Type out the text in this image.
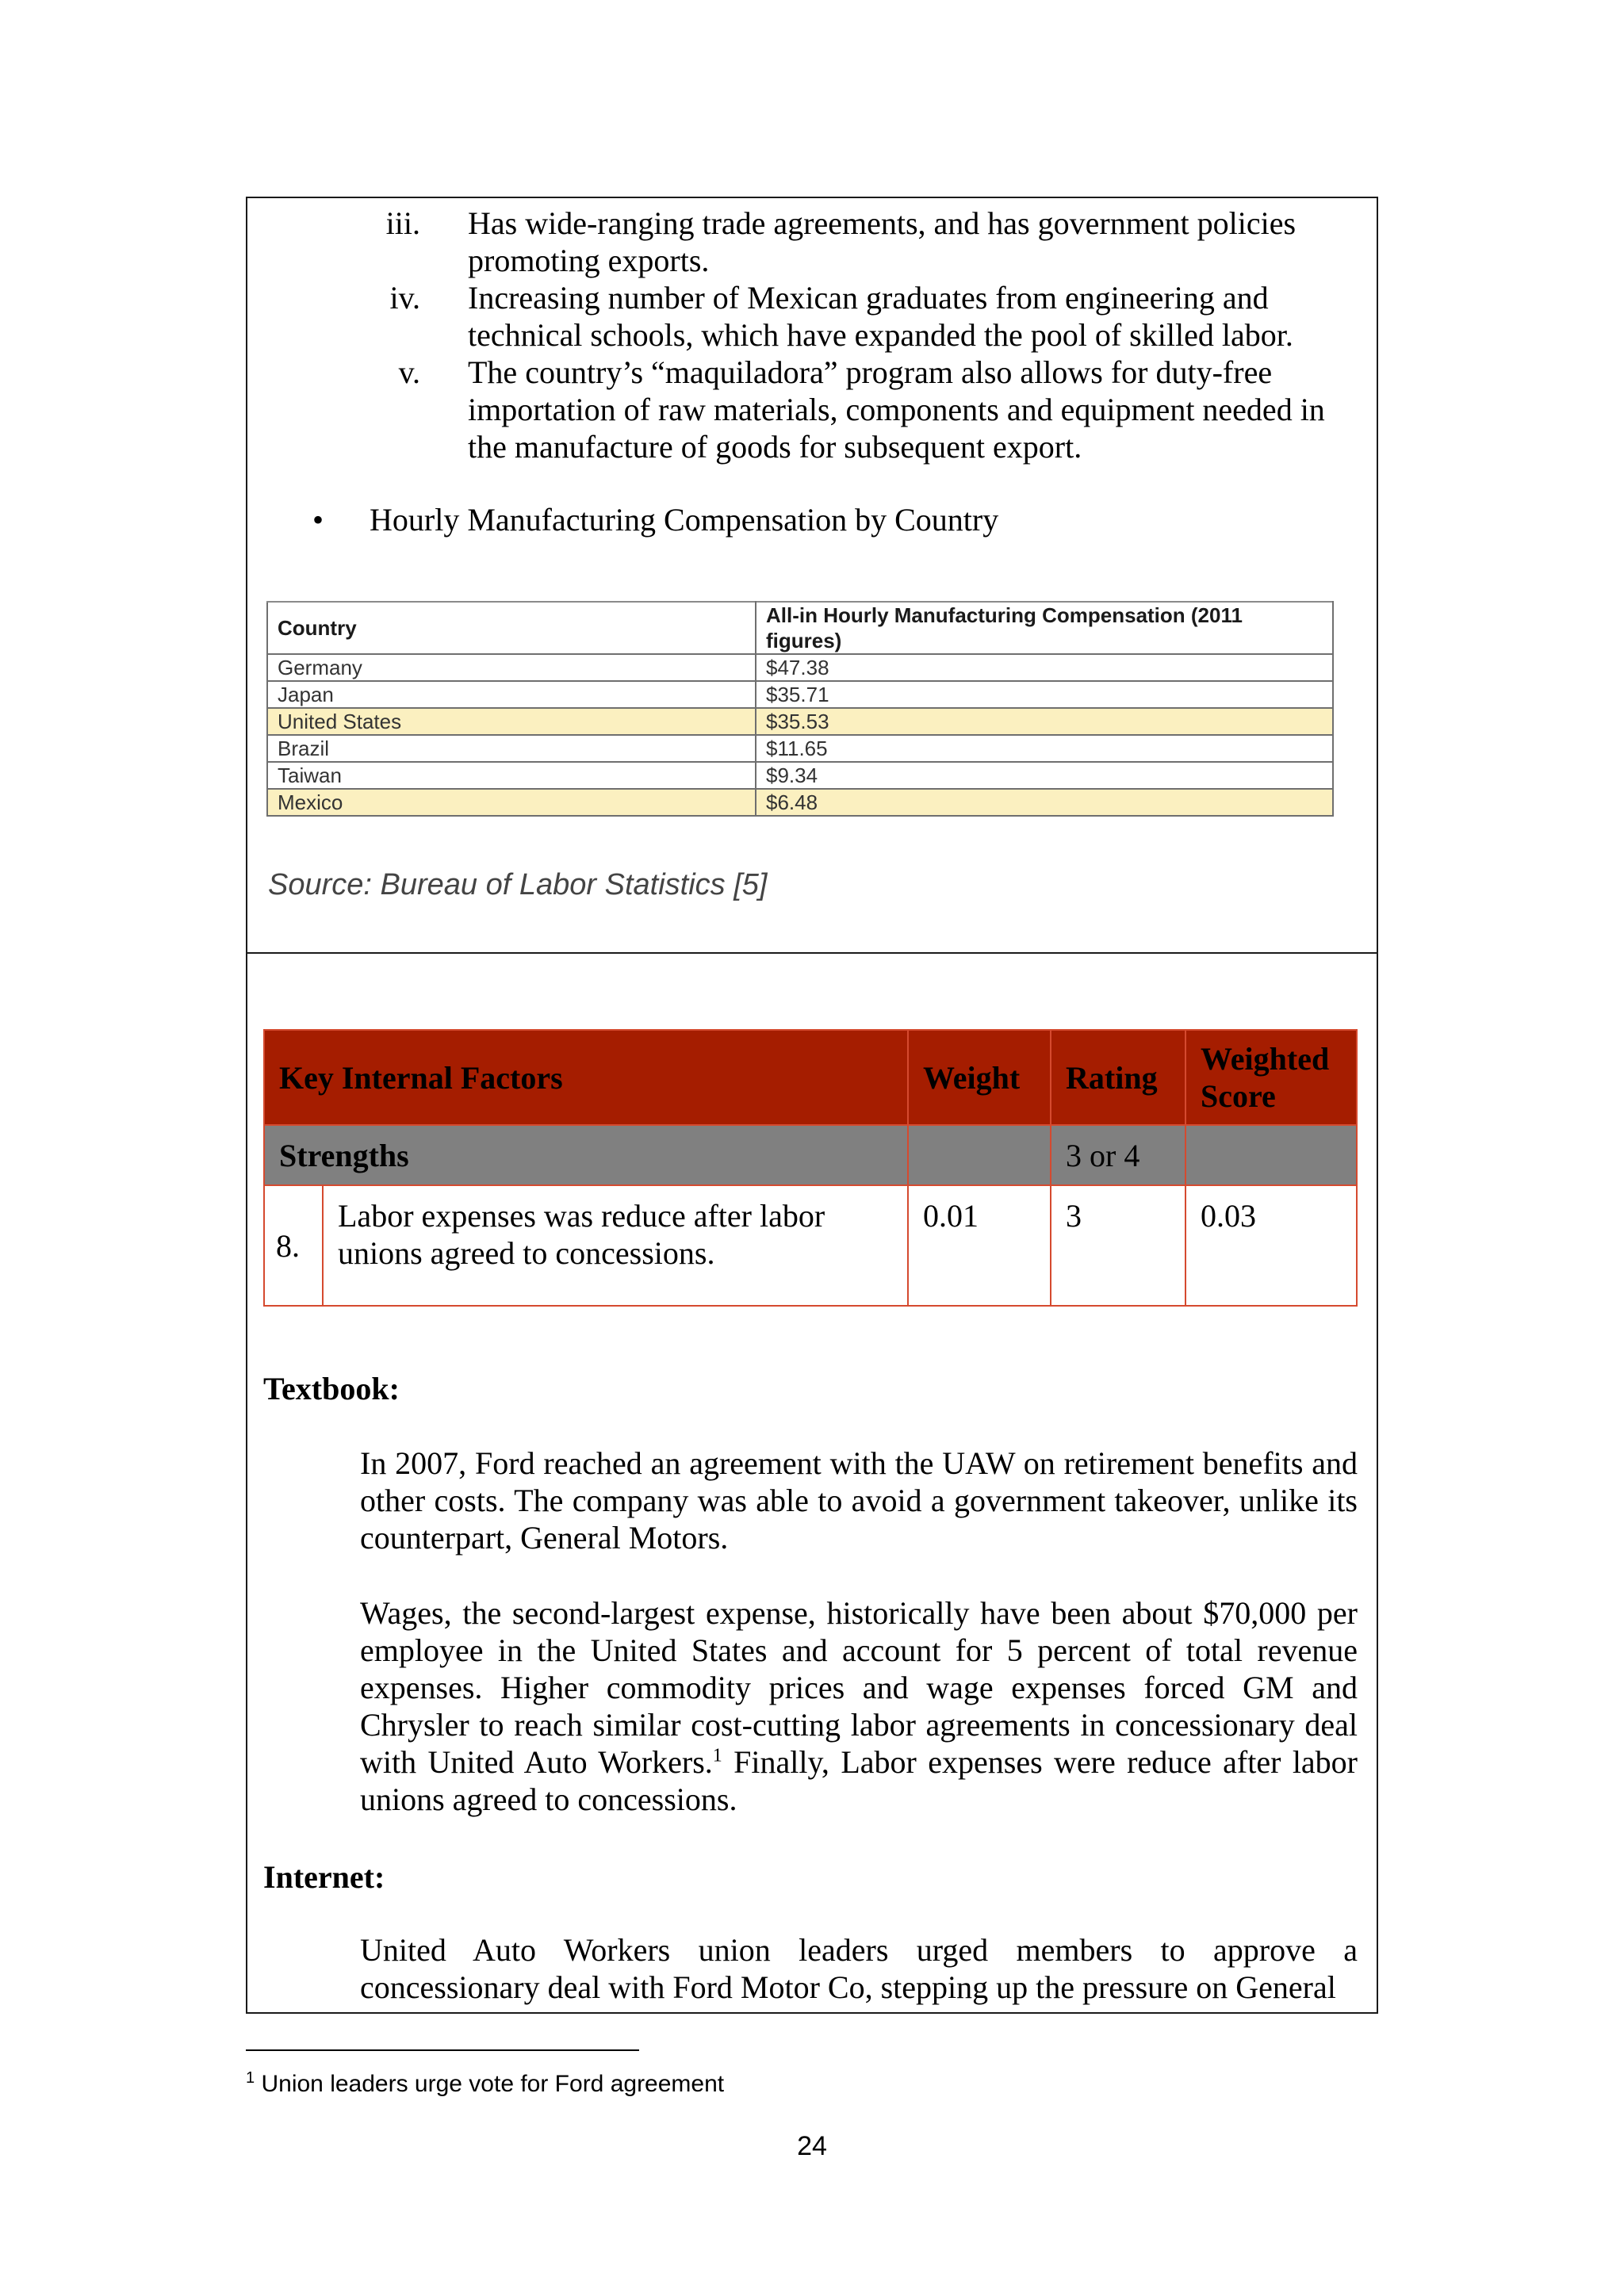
iii. Has wide-ranging trade agreements, and has government policies promoting exports.
iv. Increasing number of Mexican graduates from engineering and technical schools, which have expanded the pool of skilled labor.
v. The country’s “maquiladora” program also allows for duty-free importation of raw materials, components and equipment needed in the manufacture of goods for subsequent export.
•	Hourly Manufacturing Compensation by Country
Country	All-in Hourly Manufacturing Compensation (2011 figures)
Germany	$47.38
Japan	$35.71
United States	$35.53
Brazil	$11.65
Taiwan	$9.34
Mexico	$6.48
Source: Bureau of Labor Statistics [5]
Key Internal Factors		Weight	Rating	Weighted Score
Strengths			3 or 4	
8.	Labor expenses was reduce after labor unions agreed to concessions.	0.01	3	0.03
Textbook:

In 2007, Ford reached an agreement with the UAW on retirement benefits and other costs. The company was able to avoid a government takeover, unlike its counterpart, General Motors.

Wages, the second-largest expense, historically have been about $70,000 per employee in the United States and account for 5 percent of total revenue expenses. Higher commodity prices and wage expenses forced GM and Chrysler to reach similar cost-cutting labor agreements in concessionary deal with United Auto Workers.$^1$ Finally, Labor expenses were reduce after labor unions agreed to concessions.

Internet:

United Auto Workers union leaders urged members to approve a concessionary deal with Ford Motor Co, stepping up the pressure on General

$^1$ Union leaders urge vote for Ford agreement
24
